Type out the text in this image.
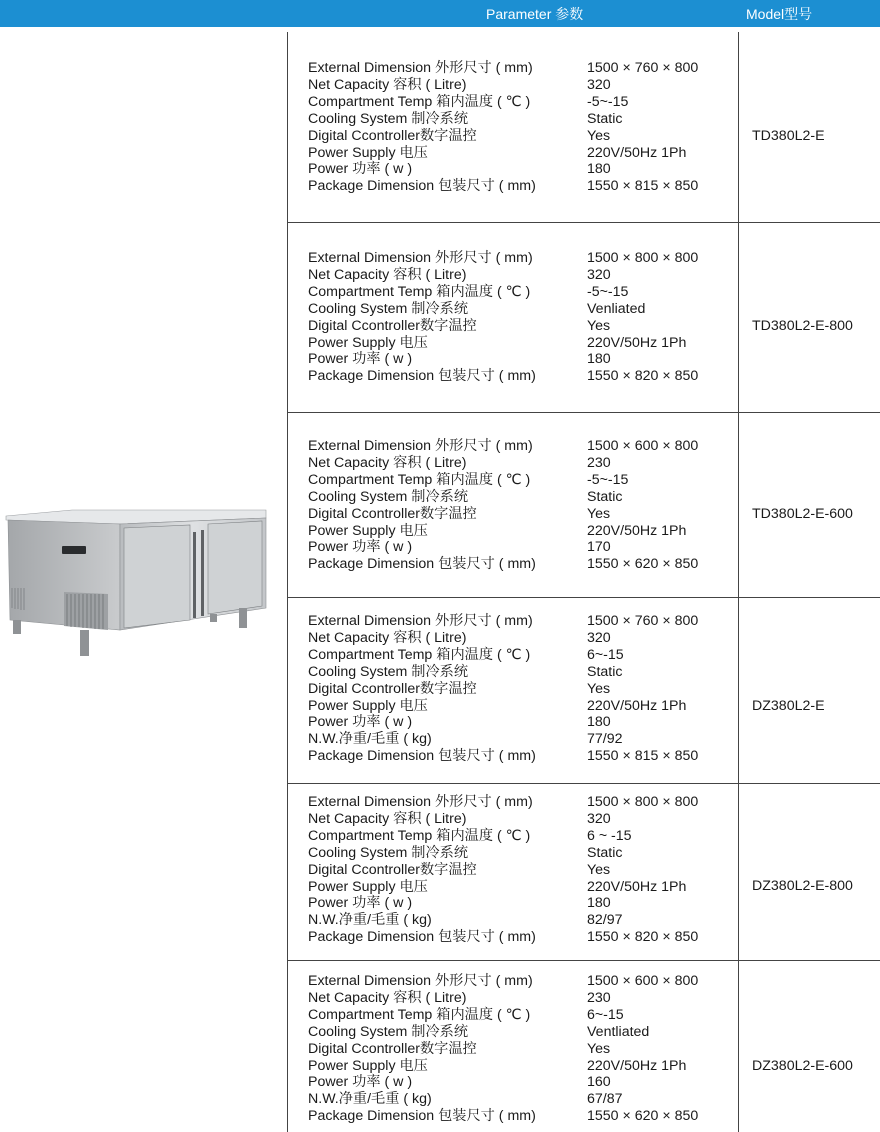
Parameter 参数	Model型号
External Dimension 外形尺寸 ( mm)	1500 × 760 × 800
Net Capacity 容积 ( Litre)	320
Compartment Temp 箱内温度 ( ℃ )	-5~-15
Cooling System 制冷系统	Static
Digital Ccontroller数字温控	Yes
Power Supply 电压	220V/50Hz 1Ph
Power 功率 ( w )	180
Package Dimension 包装尺寸 ( mm)	1550 × 815 × 850
TD380L2-E
External Dimension 外形尺寸 ( mm)	1500 × 800 × 800
Net Capacity 容积 ( Litre)	320
Compartment Temp 箱内温度 ( ℃ )	-5~-15
Cooling System 制冷系统	Venliated
Digital Ccontroller数字温控	Yes
Power Supply 电压	220V/50Hz 1Ph
Power 功率 ( w )	180
Package Dimension 包装尺寸 ( mm)	1550 × 820 × 850
TD380L2-E-800
External Dimension 外形尺寸 ( mm)	1500 × 600 × 800
Net Capacity 容积 ( Litre)	230
Compartment Temp 箱内温度 ( ℃ )	-5~-15
Cooling System 制冷系统	Static
Digital Ccontroller数字温控	Yes
Power Supply 电压	220V/50Hz 1Ph
Power 功率 ( w )	170
Package Dimension 包装尺寸 ( mm)	1550 × 620 × 850
TD380L2-E-600
External Dimension 外形尺寸 ( mm)	1500 × 760 × 800
Net Capacity 容积 ( Litre)	320
Compartment Temp 箱内温度 ( ℃ )	6~-15
Cooling System 制冷系统	Static
Digital Ccontroller数字温控	Yes
Power Supply 电压	220V/50Hz 1Ph
Power 功率 ( w )	180
N.W.净重/毛重 ( kg)	77/92
Package Dimension 包装尺寸 ( mm)	1550 × 815 × 850
DZ380L2-E
External Dimension 外形尺寸 ( mm)	1500 × 800 × 800
Net Capacity 容积 ( Litre)	320
Compartment Temp 箱内温度 ( ℃ )	6 ~ -15
Cooling System 制冷系统	Static
Digital Ccontroller数字温控	Yes
Power Supply 电压	220V/50Hz 1Ph
Power 功率 ( w )	180
N.W.净重/毛重 ( kg)	82/97
Package Dimension 包装尺寸 ( mm)	1550 × 820 × 850
DZ380L2-E-800
External Dimension 外形尺寸 ( mm)	1500 × 600 × 800
Net Capacity 容积 ( Litre)	230
Compartment Temp 箱内温度 ( ℃ )	6~-15
Cooling System 制冷系统	Ventliated
Digital Ccontroller数字温控	Yes
Power Supply 电压	220V/50Hz 1Ph
Power 功率 ( w )	160
N.W.净重/毛重 ( kg)	67/87
Package Dimension 包装尺寸 ( mm)	1550 × 620 × 850
DZ380L2-E-600
